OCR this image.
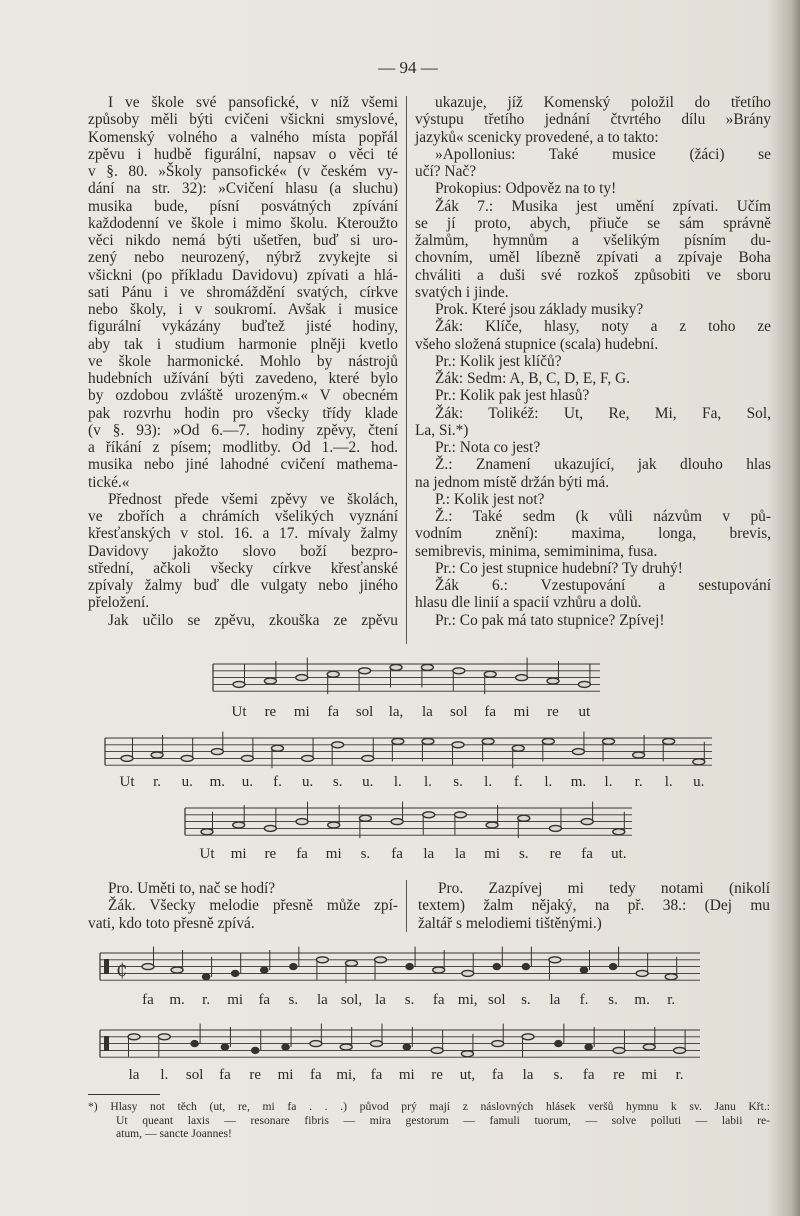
— 94 —
I ve škole své pansofické, v níž všemi
způsoby měli býti cvičeni všickni smyslové,
Komenský volného a valného místa popřál
zpěvu i hudbě figurální, napsav o věci té
v §. 80. »Školy pansofické« (v českém vy-
dání na str. 32): »Cvičení hlasu (a sluchu)
musika bude, písní posvátných zpívání
každodenní ve škole i mimo školu. Kteroužto
věci nikdo nemá býti ušetřen, buď si uro-
zený nebo neurozený, nýbrž zvykejte si
všickni (po příkladu Davidovu) zpívati a hlá-
sati Pánu i ve shromáždění svatých, církve
nebo školy, i v soukromí. Avšak i musice
figurální vykázány buďtež jisté hodiny,
aby tak i studium harmonie plněji kvetlo
ve škole harmonické. Mohlo by nástrojů
hudebních užívání býti zavedeno, které bylo
by ozdobou zvláště urozeným.« V obecném
pak rozvrhu hodin pro všecky třídy klade
(v §. 93): »Od 6.—7. hodiny zpěvy, čtení
a říkání z písem; modlitby. Od 1.—2. hod.
musika nebo jiné lahodné cvičení mathema-
tické.«
Přednost přede všemi zpěvy ve školách,
ve zbořích a chrámích všelikých vyznání
křesťanských v stol. 16. a 17. mívaly žalmy
Davidovy jakožto slovo boží bezpro-
střední, ačkoli všecky církve křesťanské
zpívaly žalmy buď dle vulgaty nebo jiného
přeložení.
Jak učilo se zpěvu, zkouška ze zpěvu
ukazuje, jíž Komenský položil do třetího
výstupu třetího jednání čtvrtého dílu »Brány
jazyků« scenicky provedené, a to takto:
»Apollonius: Také musice (žáci) se
učí? Nač?
Prokopius: Odpověz na to ty!
Žák 7.: Musika jest umění zpívati. Učím
se jí proto, abych, přiuče se sám správně
žalmům, hymnům a všelikým písním du-
chovním, uměl líbezně zpívati a zpívaje Boha
chváliti a duši své rozkoš způsobiti ve sboru
svatých i jinde.
Prok. Které jsou základy musiky?
Žák: Klíče, hlasy, noty a z toho ze
všeho složená stupnice (scala) hudební.
Pr.: Kolik jest klíčů?
Žák: Sedm: A, B, C, D, E, F, G.
Pr.: Kolik pak jest hlasů?
Žák: Tolikéž: Ut, Re, Mi, Fa, Sol,
La, Si.*)
Pr.: Nota co jest?
Ž.: Znamení ukazující, jak dlouho hlas
na jednom místě držán býti má.
P.: Kolik jest not?
Ž.: Také sedm (k vůli názvům v pů-
vodním znění): maxima, longa, brevis,
semibrevis, minima, semiminima, fusa.
Pr.: Co jest stupnice hudební? Ty druhý!
Žák 6.: Vzestupování a sestupování
hlasu dle linií a spacií vzhůru a dolů.
Pr.: Co pak má tato stupnice? Zpívej!
₵
Ut re mi fa sol la, la sol fa mi re ut
Ut r. u. m. u. f. u. s. u. l. l. s. l. f. l. m. l. r. l. u.
Ut mi re fa mi s. fa la la mi s. re fa ut.
fa m. r. mi fa s. la sol, la s. fa mi, sol s. la f. s. m. r.
la l. sol fa re mi fa mi, fa mi re ut, fa la s. fa re mi r.
Pro. Uměti to, nač se hodí?
Žák. Všecky melodie přesně může zpí-
vati, kdo toto přesně zpívá.
Pro. Zazpívej mi tedy notami (nikolí
textem) žalm nějaký, na př. 38.: (Dej mu
žaltář s melodiemi tištěnými.)
*) Hlasy not těch (ut, re, mi fa . . .) původ prý mají z náslovných hlásek veršů hymnu k sv. Janu Křt.:
Ut queant laxis — resonare fibris — mira gestorum — famuli tuorum, — solve polluti — labii re-
atum, — sancte Joannes!
